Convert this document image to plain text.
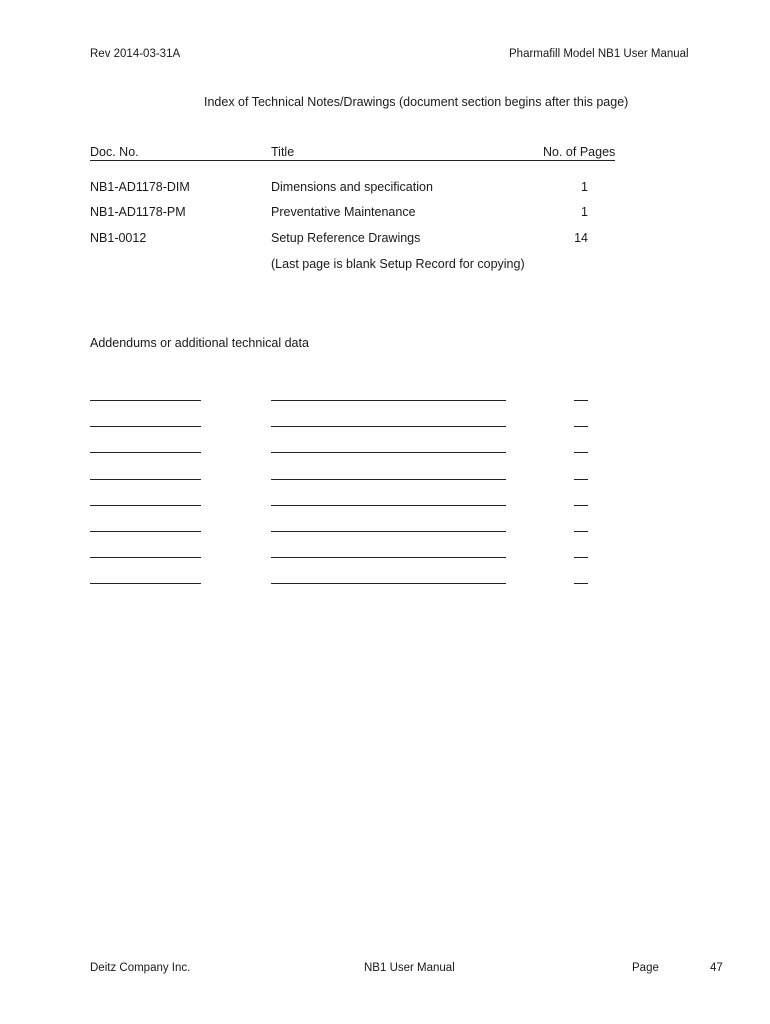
Rev 2014-03-31A	Pharmafill Model NB1 User Manual
Index of Technical Notes/Drawings (document section begins after this page)
Doc. No.	Title	No. of Pages
NB1-AD1178-DIM	Dimensions and specification	1
NB1-AD1178-PM	Preventative Maintenance	1
NB1-0012	Setup Reference Drawings	14
(Last page is blank Setup Record for copying)
Addendums or additional technical data
Deitz Company Inc.	NB1 User Manual	Page	47
